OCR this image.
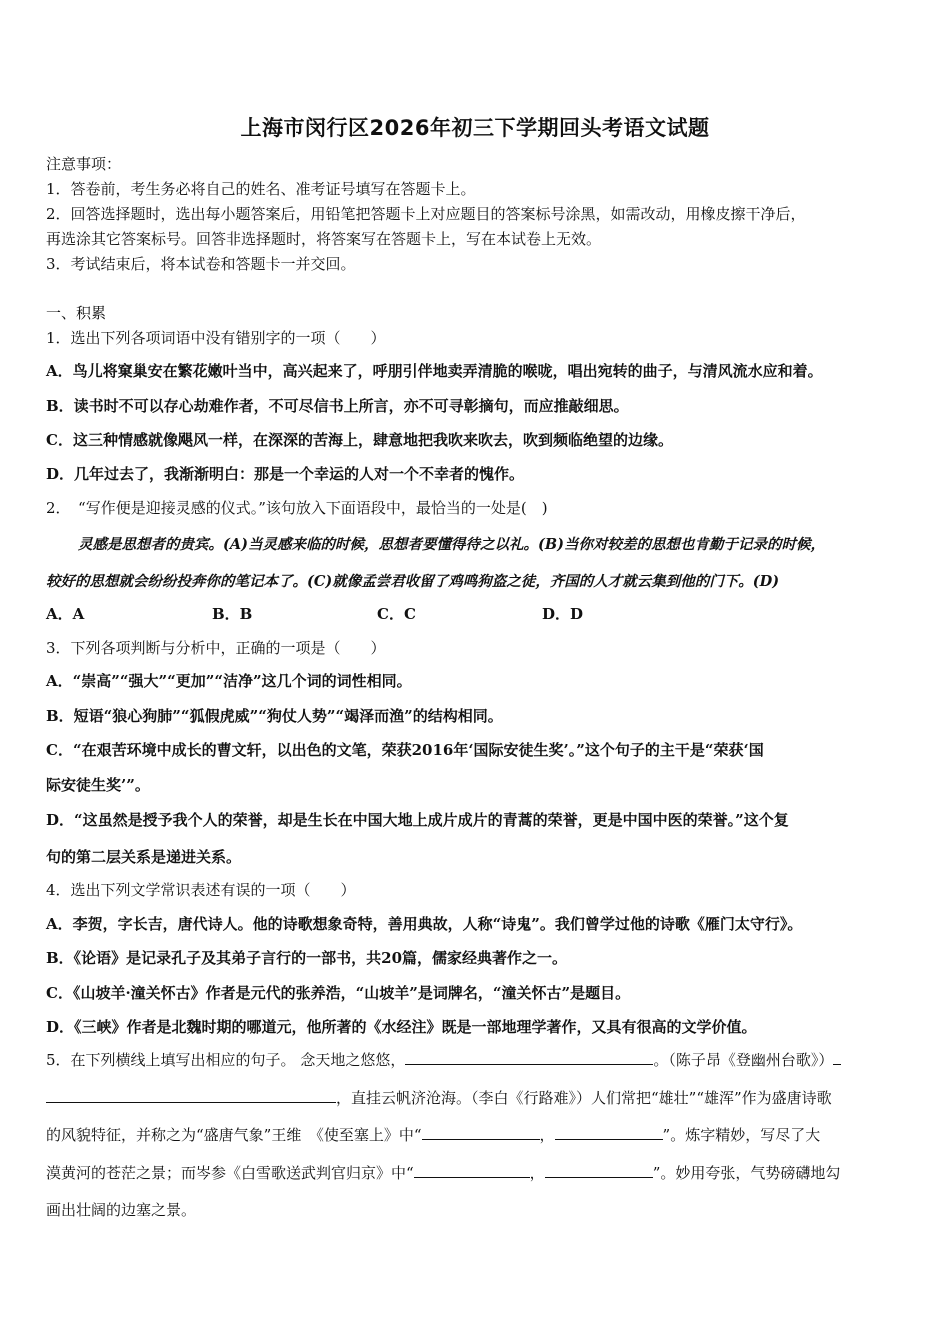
上海市闵行区2026年初三下学期回头考语文试题
注意事项：
1．答卷前，考生务必将自己的姓名、准考证号填写在答题卡上。
2．回答选择题时，选出每小题答案后，用铅笔把答题卡上对应题目的答案标号涂黑，如需改动，用橡皮擦干净后，
再选涂其它答案标号。回答非选择题时，将答案写在答题卡上，写在本试卷上无效。
3．考试结束后，将本试卷和答题卡一并交回。
一、积累
1．选出下列各项词语中没有错别字的一项（　　）
A．鸟儿将窠巢安在繁花嫩叶当中，高兴起来了，呼朋引伴地卖弄清脆的喉咙，唱出宛转的曲子，与清风流水应和着。
B．读书时不可以存心劫难作者，不可尽信书上所言，亦不可寻彰摘句，而应推敲细思。
C．这三种情感就像飓风一样，在深深的苦海上，肆意地把我吹来吹去，吹到频临绝望的边缘。
D．几年过去了，我渐渐明白：那是一个幸运的人对一个不幸者的愧作。
2．　“写作便是迎接灵感的仪式。”该句放入下面语段中，最恰当的一处是(　)
灵感是思想者的贵宾。(A)当灵感来临的时候，思想者要懂得待之以礼。(B)当你对较差的思想也肯勤于记录的时候，
较好的思想就会纷纷投奔你的笔记本了。(C)就像孟尝君收留了鸡鸣狗盗之徒，齐国的人才就云集到他的门下。(D)
A．A	B．B	C．C	D．D
3．下列各项判断与分析中，正确的一项是（　　）
A．“崇高”“强大”“更加”“洁净”这几个词的词性相同。
B．短语“狼心狗肺”“狐假虎威”“狗仗人势”“竭泽而渔”的结构相同。
C．“在艰苦环境中成长的曹文轩，以出色的文笔，荣获2016年‘国际安徒生奖’。”这个句子的主干是“荣获‘国
际安徒生奖’”。
D．“这虽然是授予我个人的荣誉，却是生长在中国大地上成片成片的青蒿的荣誉，更是中国中医的荣誉。”这个复
句的第二层关系是递进关系。
4．选出下列文学常识表述有误的一项（　　）
A．李贺，字长吉，唐代诗人。他的诗歌想象奇特，善用典故，人称“诗鬼”。我们曾学过他的诗歌《雁门太守行》。
B．《论语》是记录孔子及其弟子言行的一部书，共20篇，儒家经典著作之一。
C．《山坡羊·潼关怀古》作者是元代的张养浩，“山坡羊”是词牌名，“潼关怀古”是题目。
D．《三峡》作者是北魏时期的哪道元，他所著的《水经注》既是一部地理学著作，又具有很高的文学价值。
5．在下列横线上填写出相应的句子。 念天地之悠悠，	。（陈子昂《登幽州台歌》）
，直挂云帆济沧海。（李白《行路难》）人们常把“雄壮”“雄浑”作为盛唐诗歌
的风貌特征，并称之为“盛唐气象”王维　《使至塞上》中“	，	”。炼字精妙，写尽了大
漠黄河的苍茫之景；而岑参《白雪歌送武判官归京》中“	，	”。妙用夸张，气势磅礴地勾
画出壮阔的边塞之景。
